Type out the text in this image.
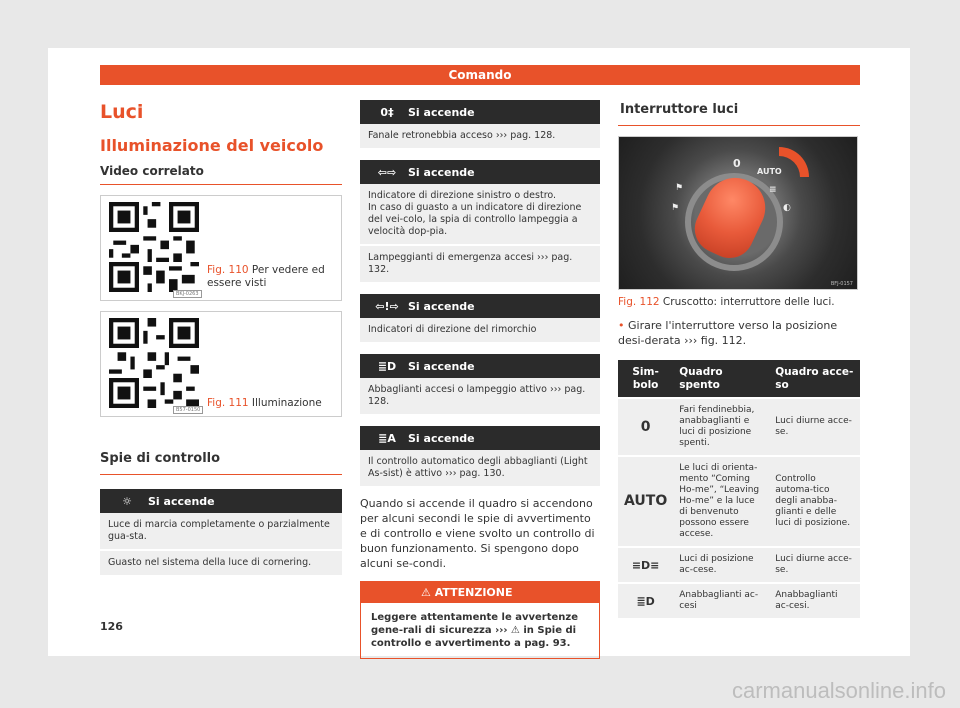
Comando
Luci
Illuminazione del veicolo
Video correlato
BKJ-0263
Fig. 110 Per vedere ed essere visti
B57-0150
Fig. 111 Illuminazione
Spie di controllo
☼	Si accende
Luce di marcia completamente o parzialmente gua-sta.
Guasto nel sistema della luce di cornering.
0‡	Si accende
Fanale retronebbia acceso ››› pag. 128.
⇦⇨	Si accende
Indicatore di direzione sinistro o destro.
In caso di guasto a un indicatore di direzione del vei-colo, la spia di controllo lampeggia a velocità dop-pia.
Lampeggianti di emergenza accesi ››› pag. 132.
⇦!⇨ Si accende
Indicatori di direzione del rimorchio
≣D	Si accende
Abbaglianti accesi o lampeggio attivo ››› pag. 128.
≣A	Si accende
Il controllo automatico degli abbaglianti (Light As-sist) è attivo ››› pag. 130.
Quando si accende il quadro si accendono per alcuni secondi le spie di avvertimento e di controllo e viene svolto un controllo di buon funzionamento. Si spengono dopo alcuni se-condi.
⚠ ATTENZIONE
Leggere attentamente le avvertenze gene-rali di sicurezza ››› ⚠ in Spie di controllo e avvertimento a pag. 93.
Interruttore luci
0
AUTO
⚑
⚑
≡
◐
BFJ-0157
Fig. 112 Cruscotto: interruttore delle luci.
• Girare l'interruttore verso la posizione desi-derata ››› fig. 112.
Sim-bolo	Quadro spento	Quadro acce-so
0	Fari fendinebbia, anabbaglianti e luci di posizione spenti.	Luci diurne acce-se.
AUTO	Le luci di orienta-mento “Coming Ho-me”, “Leaving Ho-me” e la luce di benvenuto possono essere accese.	Controllo automa-tico degli anabba-glianti e delle luci di posizione.
≡D≡	Luci di posizione ac-cese.	Luci diurne acce-se.
≣D	Anabbaglianti ac-cesi	Anabbaglianti ac-cesi.
126
carmanualsonline.info
